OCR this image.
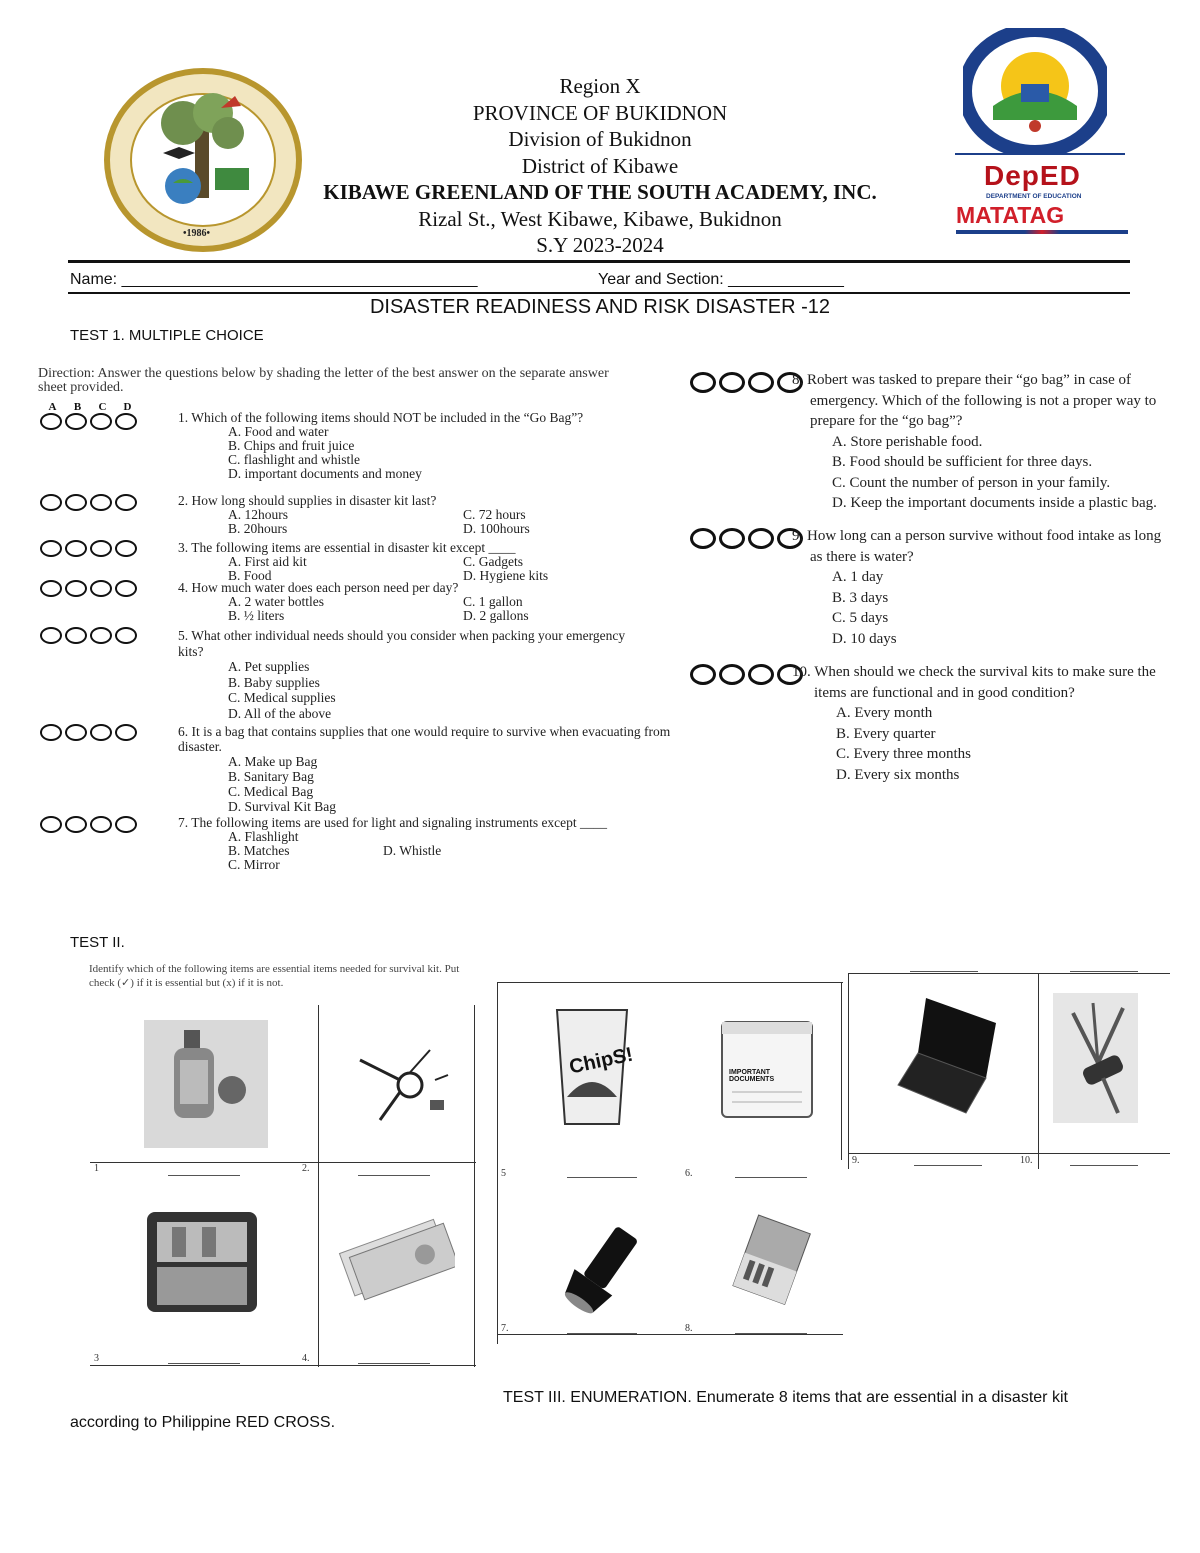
•1986•
Region X
PROVINCE OF BUKIDNON
Division of Bukidnon
District of Kibawe
KIBAWE GREENLAND OF THE SOUTH ACADEMY, INC.
Rizal St., West Kibawe, Kibawe, Bukidnon
S.Y 2023-2024
DepED
DEPARTMENT OF EDUCATION
MATATAG
Name: ________________________________________	Year and Section: _____________
DISASTER READINESS AND RISK DISASTER -12
TEST 1. MULTIPLE CHOICE
Direction: Answer the questions below by shading the letter of the best answer on the separate answer sheet provided.
A B C D
1. Which of the following items should NOT be included in the “Go Bag”?
A. Food and water
B. Chips and fruit juice
C. flashlight and whistle
D. important documents and money
2. How long should supplies in disaster kit last?
A. 12hours	C. 72 hours
B. 20hours	D. 100hours
3. The following items are essential in disaster kit except ____
A. First aid kit	C. Gadgets
B. Food	D. Hygiene kits
4. How much water does each person need per day?
A. 2 water bottles	C. 1 gallon
B. ½ liters	D. 2 gallons
5. What other individual needs should you consider when packing your emergency kits?
A. Pet supplies
B. Baby supplies
C. Medical supplies
D. All of the above
6. It is a bag that contains supplies that one would require to survive when evacuating from disaster.
A. Make up Bag
B. Sanitary Bag
C. Medical Bag
D. Survival Kit Bag
7. The following items are used for light and signaling instruments except ____
A. Flashlight
B. Matches	D. Whistle
C. Mirror
8. Robert was tasked to prepare their “go bag” in case of emergency. Which of the following is not a proper way to prepare for the “go bag”?
A. Store perishable food.
B. Food should be sufficient for three days.
C. Count the number of person in your family.
D. Keep the important documents inside a plastic bag.
9. How long can a person survive without food intake as long as there is water?
A. 1 day
B. 3 days
C. 5 days
D. 10 days
10. When should we check the survival kits to make sure the items are functional and in good condition?
A. Every month
B. Every quarter
C. Every three months
D. Every six months
TEST II.
Identify which of the following items are essential items needed for survival kit. Put check (✓) if it is essential but (x) if it is not.
1	2.
3	4.
ChipS!	IMPORTANT DOCUMENTS
5	6.
7.	8.
9.	10.
TEST III. ENUMERATION. Enumerate 8 items that are essential in a disaster kit
according to Philippine RED CROSS.
